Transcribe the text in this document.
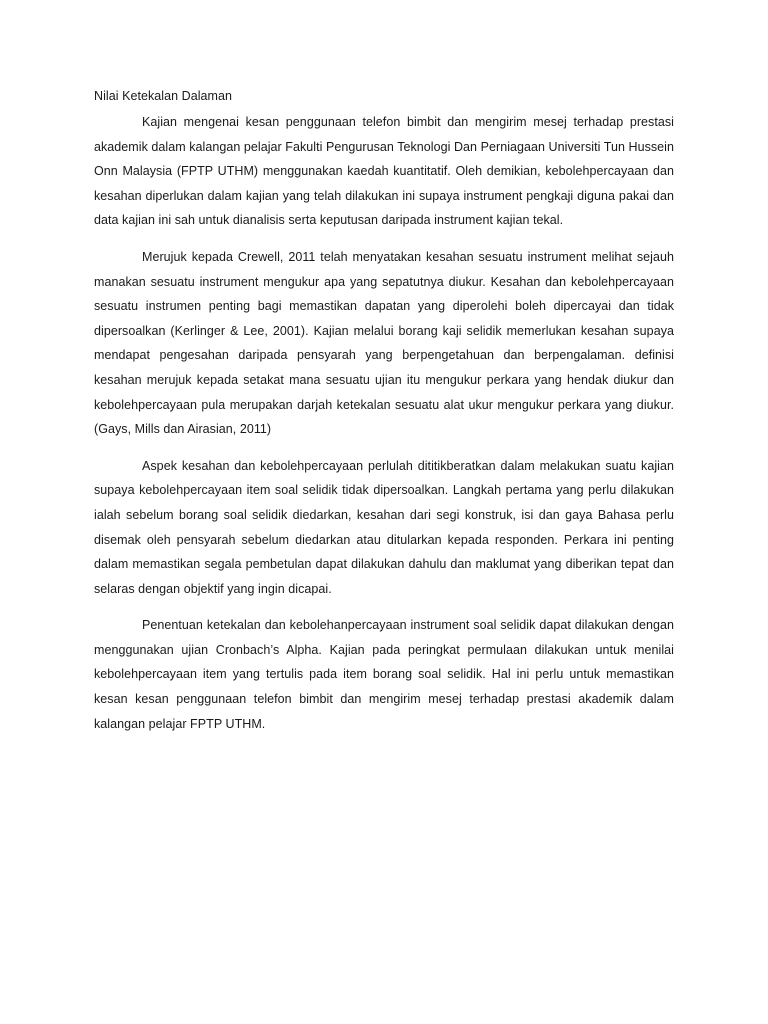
Nilai Ketekalan Dalaman

Kajian mengenai kesan penggunaan telefon bimbit dan mengirim mesej terhadap prestasi akademik dalam kalangan pelajar Fakulti Pengurusan Teknologi Dan Perniagaan Universiti Tun Hussein Onn Malaysia (FPTP UTHM) menggunakan kaedah kuantitatif. Oleh demikian, kebolehpercayaan dan kesahan diperlukan dalam kajian yang telah dilakukan ini supaya instrument pengkaji diguna pakai dan data kajian ini sah untuk dianalisis serta keputusan daripada instrument kajian tekal.

Merujuk kepada Crewell, 2011 telah menyatakan kesahan sesuatu instrument melihat sejauh manakan sesuatu instrument mengukur apa yang sepatutnya diukur. Kesahan dan kebolehpercayaan sesuatu instrumen penting bagi memastikan dapatan yang diperolehi boleh dipercayai dan tidak dipersoalkan (Kerlinger & Lee, 2001). Kajian melalui borang kaji selidik memerlukan kesahan supaya mendapat pengesahan daripada pensyarah yang berpengetahuan dan berpengalaman. definisi kesahan merujuk kepada setakat mana sesuatu ujian itu mengukur perkara yang hendak diukur dan kebolehpercayaan pula merupakan darjah ketekalan sesuatu alat ukur mengukur perkara yang diukur.(Gays, Mills dan Airasian, 2011)

Aspek kesahan dan kebolehpercayaan perlulah dititikberatkan dalam melakukan suatu kajian supaya kebolehpercayaan item soal selidik tidak dipersoalkan. Langkah pertama yang perlu dilakukan ialah sebelum borang soal selidik diedarkan, kesahan dari segi konstruk, isi dan gaya Bahasa perlu disemak oleh pensyarah sebelum diedarkan atau ditularkan kepada responden. Perkara ini penting dalam memastikan segala pembetulan dapat dilakukan dahulu dan maklumat yang diberikan tepat dan selaras dengan objektif yang ingin dicapai.

Penentuan ketekalan dan kebolehanpercayaan instrument soal selidik dapat dilakukan dengan menggunakan ujian Cronbach’s Alpha. Kajian pada peringkat permulaan dilakukan untuk menilai kebolehpercayaan item yang tertulis pada item borang soal selidik. Hal ini perlu untuk memastikan kesan kesan penggunaan telefon bimbit dan mengirim mesej terhadap prestasi akademik dalam kalangan pelajar FPTP UTHM.
